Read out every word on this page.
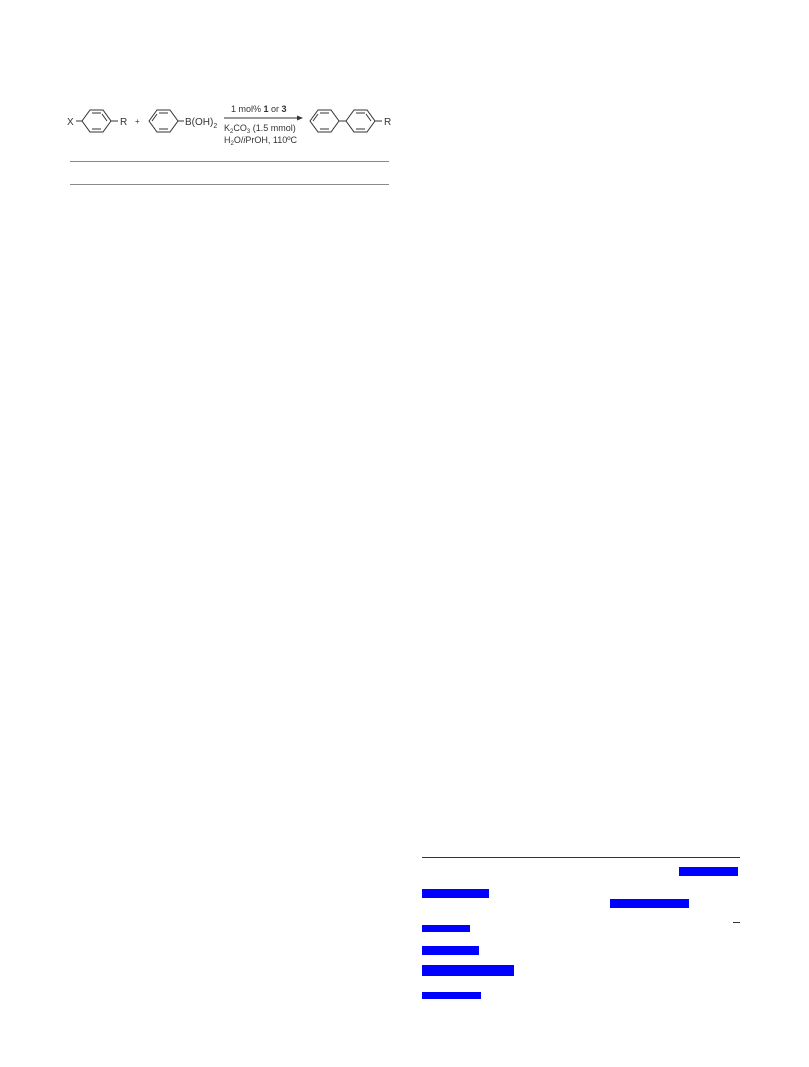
X	R +	$B(OH)_2$
1 mol% 1 or 3
$K_2CO_3$ (1.5 mmol)
$H_2O$/iPrOH, 110ºC
R
